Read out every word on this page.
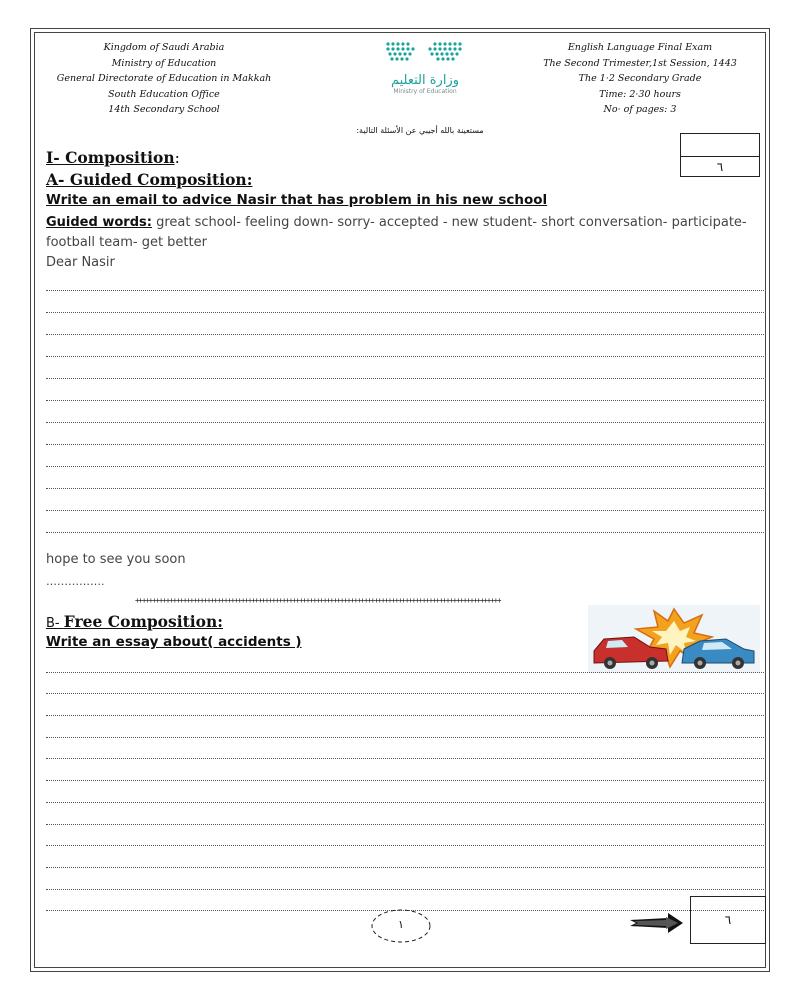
Kingdom of Saudi Arabia
Ministry of Education
General Directorate of Education in Makkah
South Education Office
14th Secondary School
وزارة التعليم
Ministry of Education
English Language Final Exam
The Second Trimester,1st Session, 1443
The 1·2 Secondary Grade
Time: 2·30 hours
No· of pages: 3
مستعينة بالله أجيبي عن الأسئلة التالية:
٦
I- Composition:
A- Guided Composition:
Write an email to advice Nasir that has problem in his new school
Guided words: great school- feeling down- sorry- accepted - new student- short conversation- participate- football team- get better
Dear Nasir
hope to see you soon
…………….
+++++++++++++++++++++++++++++++++++++++++++++++++++++++++++++++++++++++++++++++++++++++++++++++++++++++++++
B- Free Composition:
Write an essay about( accidents )
١	٦
